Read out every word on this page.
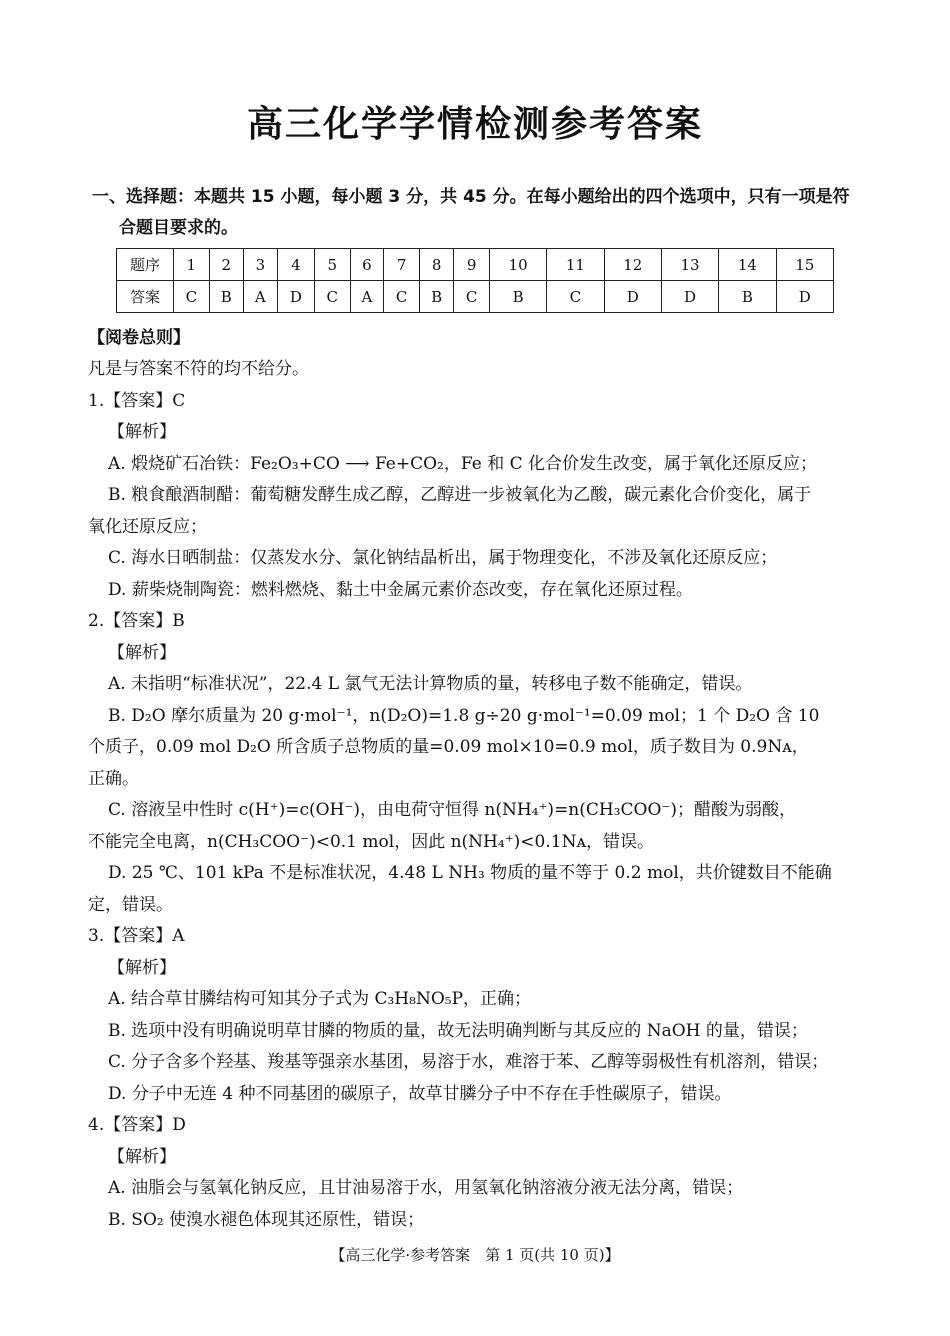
高三化学学情检测参考答案
一、选择题：本题共 15 小题，每小题 3 分，共 45 分。在每小题给出的四个选项中，只有一项是符
合题目要求的。
题序	1	2	3	4	5	6	7	8	9	10	11	12	13	14	15
答案	C	B	A	D	C	A	C	B	C	B	C	D	D	B	D
【阅卷总则】
凡是与答案不符的均不给分。
1.【答案】C
【解析】
A. 煅烧矿石冶铁：Fe₂O₃+CO ⟶ Fe+CO₂，Fe 和 C 化合价发生改变，属于氧化还原反应；
B. 粮食酿酒制醋：葡萄糖发酵生成乙醇，乙醇进一步被氧化为乙酸，碳元素化合价变化，属于
氧化还原反应；
C. 海水日晒制盐：仅蒸发水分、氯化钠结晶析出，属于物理变化，不涉及氧化还原反应；
D. 薪柴烧制陶瓷：燃料燃烧、黏土中金属元素价态改变，存在氧化还原过程。
2.【答案】B
【解析】
A. 未指明“标准状况”，22.4 L 氯气无法计算物质的量，转移电子数不能确定，错误。
B. D₂O 摩尔质量为 20 g·mol⁻¹，n(D₂O)=1.8 g÷20 g·mol⁻¹=0.09 mol；1 个 D₂O 含 10
个质子，0.09 mol D₂O 所含质子总物质的量=0.09 mol×10=0.9 mol，质子数目为 0.9Nᴀ，
正确。
C. 溶液呈中性时 c(H⁺)=c(OH⁻)，由电荷守恒得 n(NH₄⁺)=n(CH₃COO⁻)；醋酸为弱酸，
不能完全电离，n(CH₃COO⁻)<0.1 mol，因此 n(NH₄⁺)<0.1Nᴀ，错误。
D. 25 ℃、101 kPa 不是标准状况，4.48 L NH₃ 物质的量不等于 0.2 mol，共价键数目不能确
定，错误。
3.【答案】A
【解析】
A. 结合草甘膦结构可知其分子式为 C₃H₈NO₅P，正确；
B. 选项中没有明确说明草甘膦的物质的量，故无法明确判断与其反应的 NaOH 的量，错误；
C. 分子含多个羟基、羧基等强亲水基团，易溶于水，难溶于苯、乙醇等弱极性有机溶剂，错误；
D. 分子中无连 4 种不同基团的碳原子，故草甘膦分子中不存在手性碳原子，错误。
4.【答案】D
【解析】
A. 油脂会与氢氧化钠反应，且甘油易溶于水，用氢氧化钠溶液分液无法分离，错误；
B. SO₂ 使溴水褪色体现其还原性，错误；
【高三化学·参考答案　第 1 页(共 10 页)】
